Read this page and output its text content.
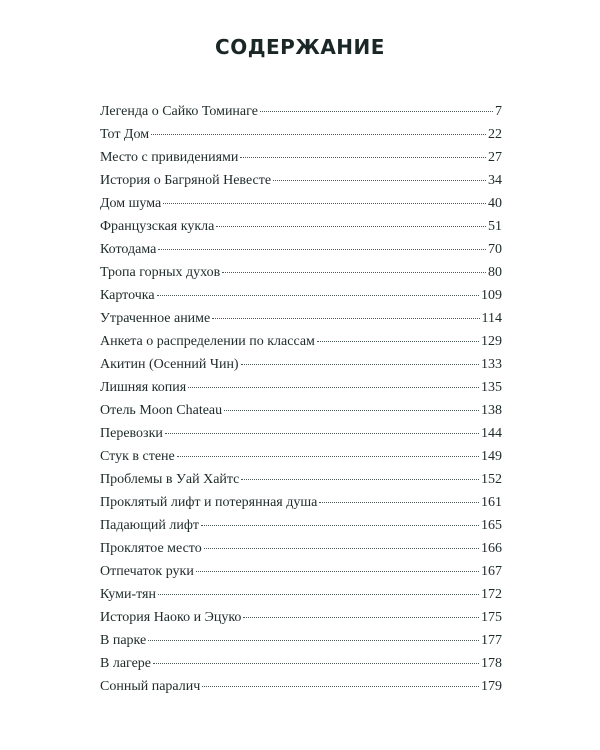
СОДЕРЖАНИЕ
Легенда о Сайко Томинаге	7
Тот Дом	22
Место с привидениями	27
История о Багряной Невесте	34
Дом шума	40
Французская кукла	51
Котодама	70
Тропа горных духов	80
Карточка	109
Утраченное аниме	114
Анкета о распределении по классам	129
Акитин (Осенний Чин)	133
Лишняя копия	135
Отель Moon Chateau	138
Перевозки	144
Стук в стене	149
Проблемы в Уай Хайтс	152
Проклятый лифт и потерянная душа	161
Падающий лифт	165
Проклятое место	166
Отпечаток руки	167
Куми-тян	172
История Наоко и Эцуко	175
В парке	177
В лагере	178
Сонный паралич	179
